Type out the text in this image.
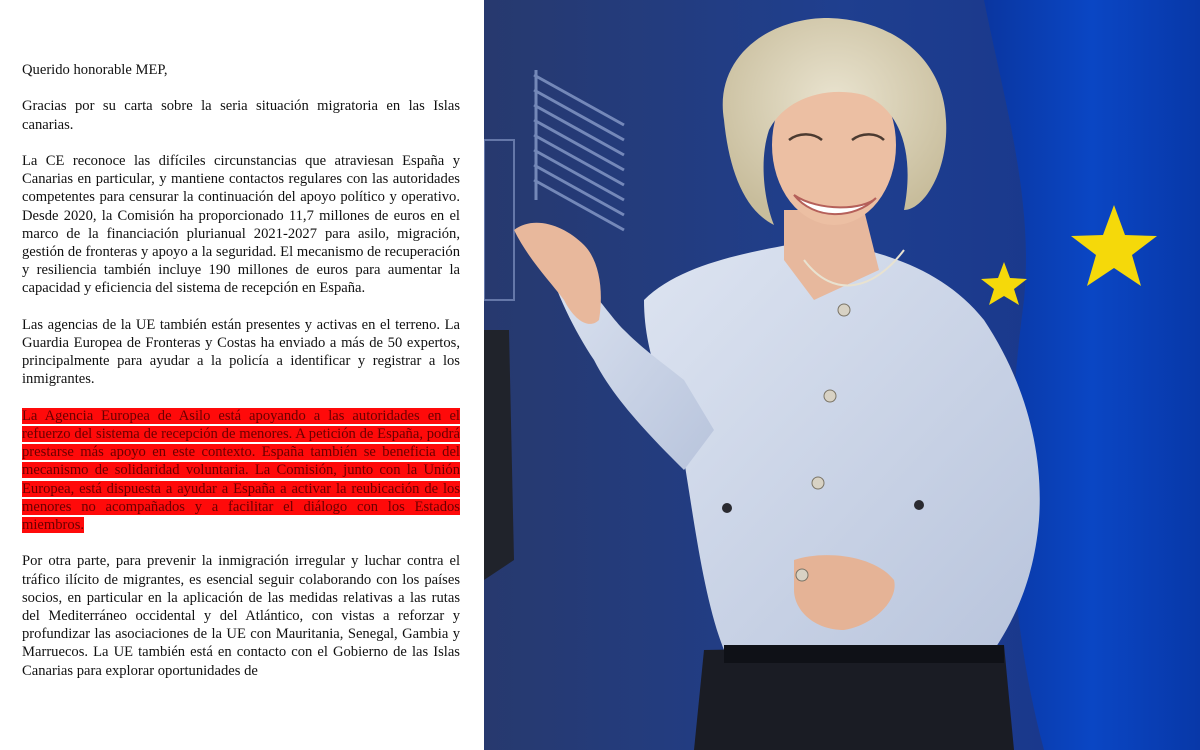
Querido honorable MEP,

Gracias por su carta sobre la seria situación migratoria en las Islas canarias.

La CE reconoce las difíciles circunstancias que atraviesan España y Canarias en particular, y mantiene contactos regulares con las autoridades competentes para censurar la continuación del apoyo político y operativo. Desde 2020, la Comisión ha proporcionado 11,7 millones de euros en el marco de la financiación plurianual 2021-2027 para asilo, migración, gestión de fronteras y apoyo a la seguridad. El mecanismo de recuperación y resiliencia también incluye 190 millones de euros para aumentar la capacidad y eficiencia del sistema de recepción en España.

Las agencias de la UE también están presentes y activas en el terreno. La Guardia Europea de Fronteras y Costas ha enviado a más de 50 expertos, principalmente para ayudar a la policía a identificar y registrar a los inmigrantes.

La Agencia Europea de Asilo está apoyando a las autoridades en el refuerzo del sistema de recepción de menores. A petición de España, podrá prestarse más apoyo en este contexto. España también se beneficia del mecanismo de solidaridad voluntaria. La Comisión, junto con la Unión Europea, está dispuesta a ayudar a España a activar la reubicación de los menores no acompañados y a facilitar el diálogo con los Estados miembros.

Por otra parte, para prevenir la inmigración irregular y luchar contra el tráfico ilícito de migrantes, es esencial seguir colaborando con los países socios, en particular en la aplicación de las medidas relativas a las rutas del Mediterráneo occidental y del Atlántico, con vistas a reforzar y profundizar las asociaciones de la UE con Mauritania, Senegal, Gambia y Marruecos. La UE también está en contacto con el Gobierno de las Islas Canarias para explorar oportunidades de
